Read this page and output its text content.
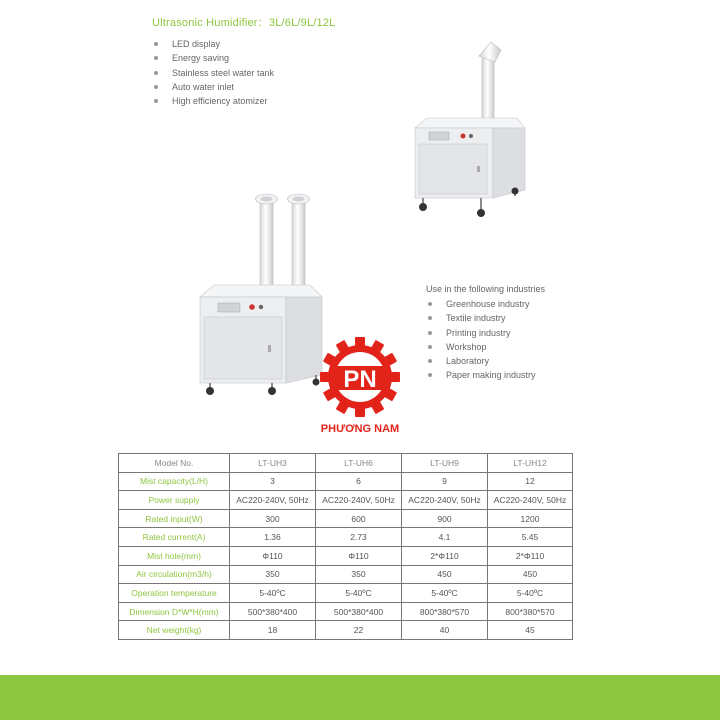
Ultrasonic Humidifier：3L/6L/9L/12L
LED display
Energy saving
Stainless steel water tank
Auto water inlet
High efficiency atomizer
Use in the following industries
Greenhouse industry
Textile industry
Printing industry
Workshop
Laboratory
Paper making industry
PN
PHƯƠNG NAM
Model No.	LT-UH3	LT-UH6	LT-UH9	LT-UH12
Mist capacity(L/H)	3	6	9	12
Power supply	AC220-240V, 50Hz	AC220-240V, 50Hz	AC220-240V, 50Hz	AC220-240V, 50Hz
Rated input(W)	300	600	900	1200
Rated current(A)	1.36	2.73	4.1	5.45
Mist hole(mm)	Φ110	Φ110	2*Φ110	2*Φ110
Air circulation(m3/h)	350	350	450	450
Operation temperature	5-40ºC	5-40ºC	5-40ºC	5-40ºC
Dimension D*W*H(mm)	500*380*400	500*380*400	800*380*570	800*380*570
Net weight(kg)	18	22	40	45
